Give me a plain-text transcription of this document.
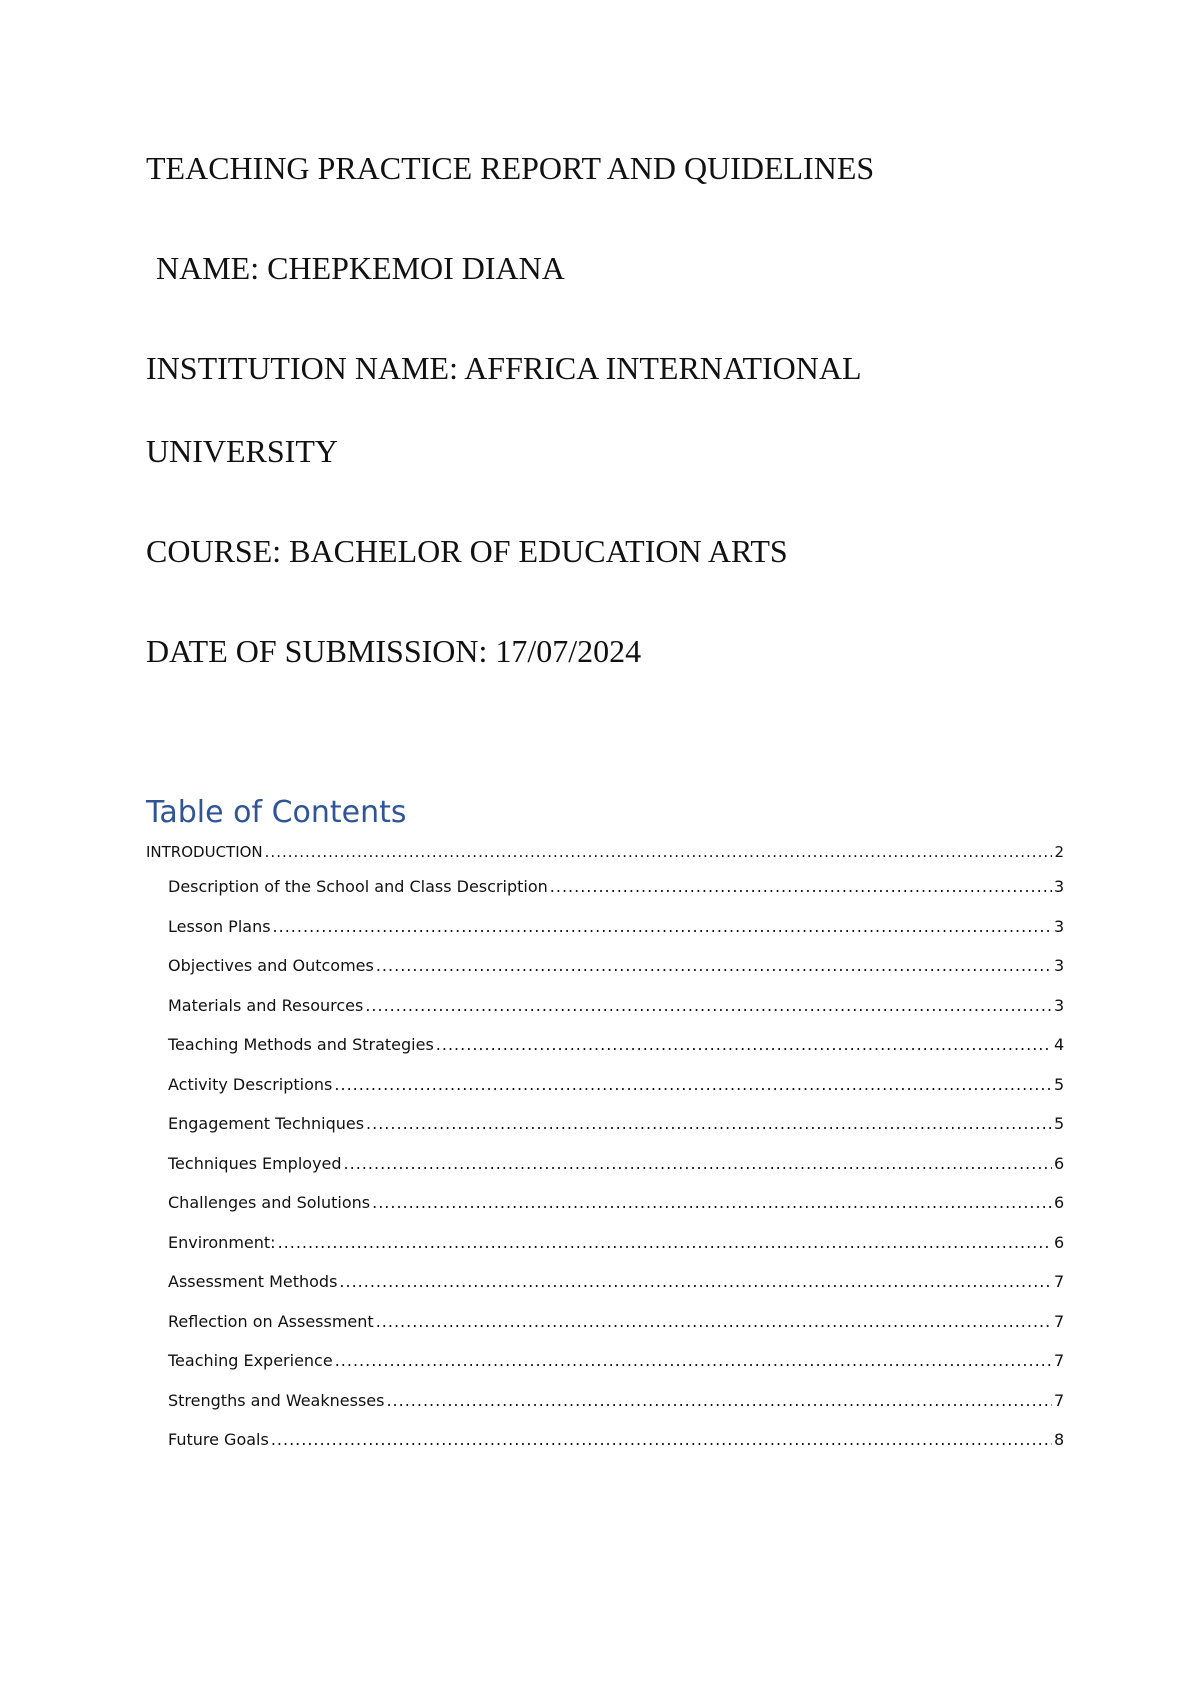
TEACHING PRACTICE REPORT AND QUIDELINES
NAME: CHEPKEMOI DIANA
INSTITUTION NAME: AFFRICA INTERNATIONAL
UNIVERSITY
COURSE: BACHELOR OF EDUCATION ARTS
DATE OF SUBMISSION: 17/07/2024
Table of Contents
INTRODUCTION .....	2
Description of the School and Class Description .....	3
Lesson Plans .....	3
Objectives and Outcomes .....	3
Materials and Resources .....	3
Teaching Methods and Strategies .....	4
Activity Descriptions .....	5
Engagement Techniques .....	5
Techniques Employed .....	6
Challenges and Solutions .....	6
Environment: .....	6
Assessment Methods .....	7
Reflection on Assessment .....	7
Teaching Experience .....	7
Strengths and Weaknesses .....	7
Future Goals .....	8
